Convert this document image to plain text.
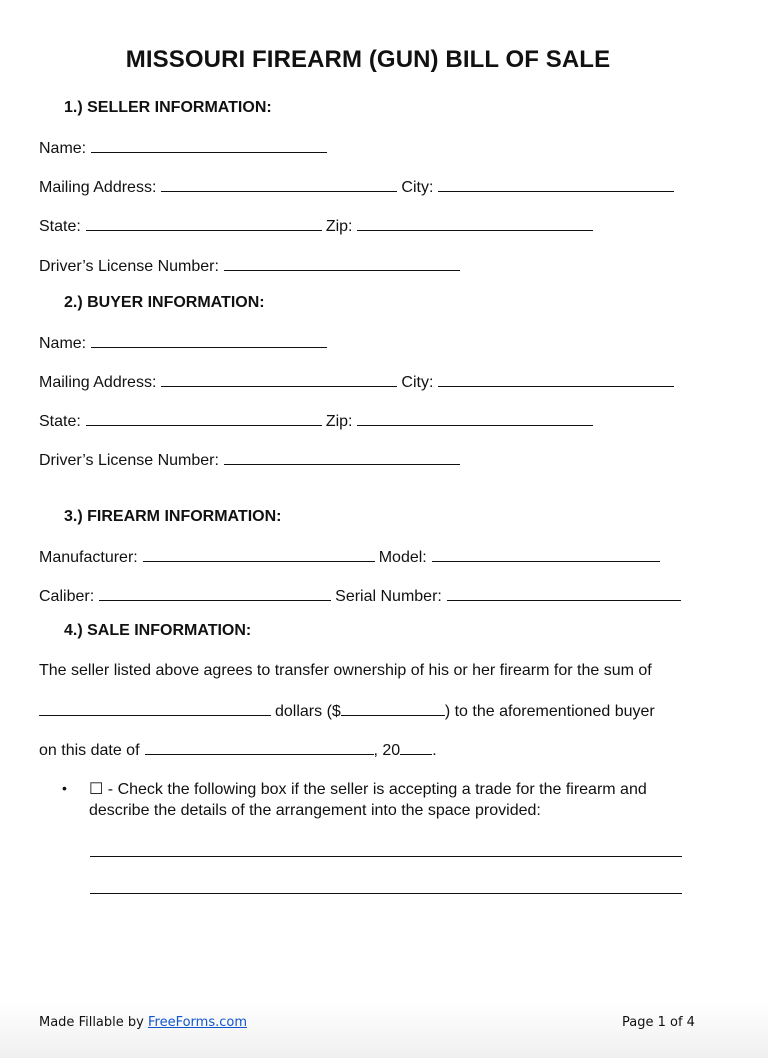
MISSOURI FIREARM (GUN) BILL OF SALE
1.) SELLER INFORMATION:
Name:
Mailing Address:	City:
State:	Zip:
Driver’s License Number:
2.) BUYER INFORMATION:
Name:
Mailing Address:	City:
State:	Zip:
Driver’s License Number:
3.) FIREARM INFORMATION:
Manufacturer:	Model:
Caliber:	Serial Number:
4.) SALE INFORMATION:
The seller listed above agrees to transfer ownership of his or her firearm for the sum of
dollars ($	) to the aforementioned buyer
on this date of	, 20 .
• ☐ - Check the following box if the seller is accepting a trade for the firearm and describe the details of the arrangement into the space provided:
Made Fillable by FreeForms.com	Page 1 of 4
